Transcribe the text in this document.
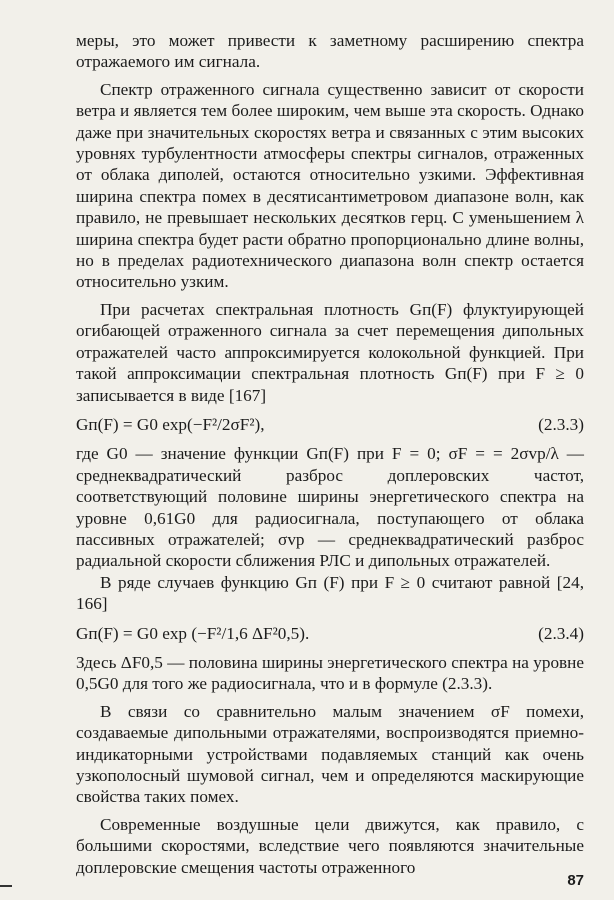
меры, это может привести к заметному расширению спектра отражаемого им сигнала.

Спектр отраженного сигнала существенно зависит от скорости ветра и является тем более широким, чем выше эта скорость. Однако даже при значительных скоростях ветра и связанных с этим высоких уровнях турбулентности атмосферы спектры сигналов, отраженных от облака диполей, остаются относительно узкими. Эффективная ширина спектра помех в десятисантиметровом диапазоне волн, как правило, не превышает нескольких десятков герц. С уменьшением λ ширина спектра будет расти обратно пропорционально длине волны, но в пределах радиотехнического диапазона волн спектр остается относительно узким.

При расчетах спектральная плотность Gп(F) флуктуирующей огибающей отраженного сигнала за счет перемещения дипольных отражателей часто аппроксимируется колокольной функцией. При такой аппроксимации спектральная плотность Gп(F) при F ≥ 0 записывается в виде [167]

Gп(F) = G0 exp(−F²/2σF²),	(2.3.3)

где G0 — значение функции Gп(F) при F = 0; σF = = 2σvр/λ — среднеквадратический разброс доплеровских частот, соответствующий половине ширины энергетического спектра на уровне 0,61G0 для радиосигнала, поступающего от облака пассивных отражателей; σvр — среднеквадратический разброс радиальной скорости сближения РЛС и дипольных отражателей.

В ряде случаев функцию Gп (F) при F ≥ 0 считают равной [24, 166]

Gп(F) = G0 exp (−F²/1,6 ΔF²0,5).	(2.3.4)

Здесь ΔF0,5 — половина ширины энергетического спектра на уровне 0,5G0 для того же радиосигнала, что и в формуле (2.3.3).

В связи со сравнительно малым значением σF помехи, создаваемые дипольными отражателями, воспроизводятся приемно-индикаторными устройствами подавляемых станций как очень узкополосный шумовой сигнал, чем и определяются маскирующие свойства таких помех.

Современные воздушные цели движутся, как правило, с большими скоростями, вследствие чего появляются значительные доплеровские смещения частоты отраженного

87
